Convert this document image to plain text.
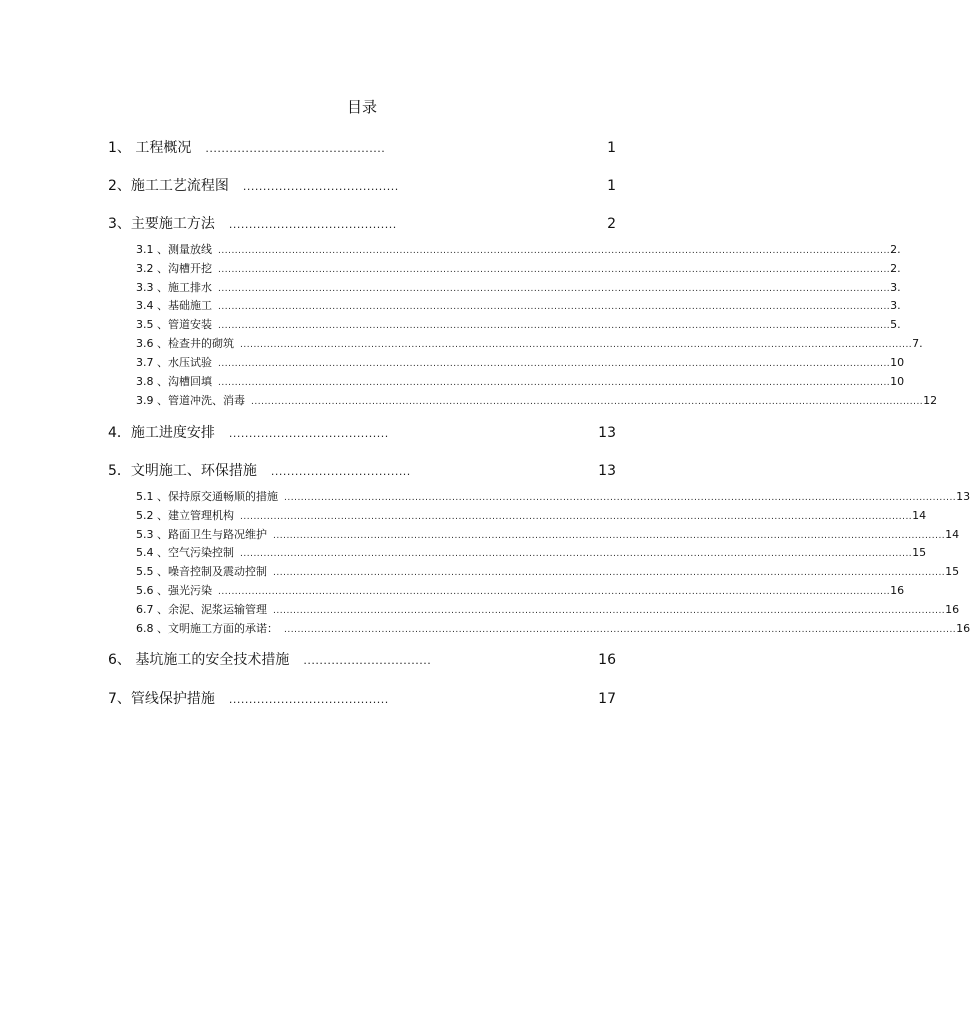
目录
1、 工程概况 .............................................	1
2、施工工艺流程图 .......................................	1
3、主要施工方法 ..........................................	2
3.1 、测量放线 ........................................................................................................................................................................................................ 2.
3.2 、沟槽开挖 ........................................................................................................................................................................................................ 2.
3.3 、施工排水 ........................................................................................................................................................................................................ 3.
3.4 、基础施工 ........................................................................................................................................................................................................ 3.
3.5 、管道安装 ........................................................................................................................................................................................................ 5.
3.6 、检查井的砌筑 ........................................................................................................................................................................................................ 7.
3.7 、水压试验 ........................................................................................................................................................................................................ 10
3.8 、沟槽回填 ........................................................................................................................................................................................................ 10
3.9 、管道冲洗、消毒 ........................................................................................................................................................................................................ 12
4．施工进度安排 ........................................	13
5．文明施工、环保措施 ...................................	13
5.1 、保持原交通畅顺的措施 ........................................................................................................................................................................................................ 13
5.2 、建立管理机构 ........................................................................................................................................................................................................ 14
5.3 、路面卫生与路况维护 ........................................................................................................................................................................................................ 14
5.4 、空气污染控制 ........................................................................................................................................................................................................ 15
5.5 、噪音控制及震动控制 ........................................................................................................................................................................................................ 15
5.6 、强光污染 ........................................................................................................................................................................................................ 16
6.7 、余泥、泥浆运输管理 ........................................................................................................................................................................................................ 16
6.8 、文明施工方面的承诺： ........................................................................................................................................................................................................ 16
6、 基坑施工的安全技术措施 ................................	16
7、管线保护措施 ........................................	17
